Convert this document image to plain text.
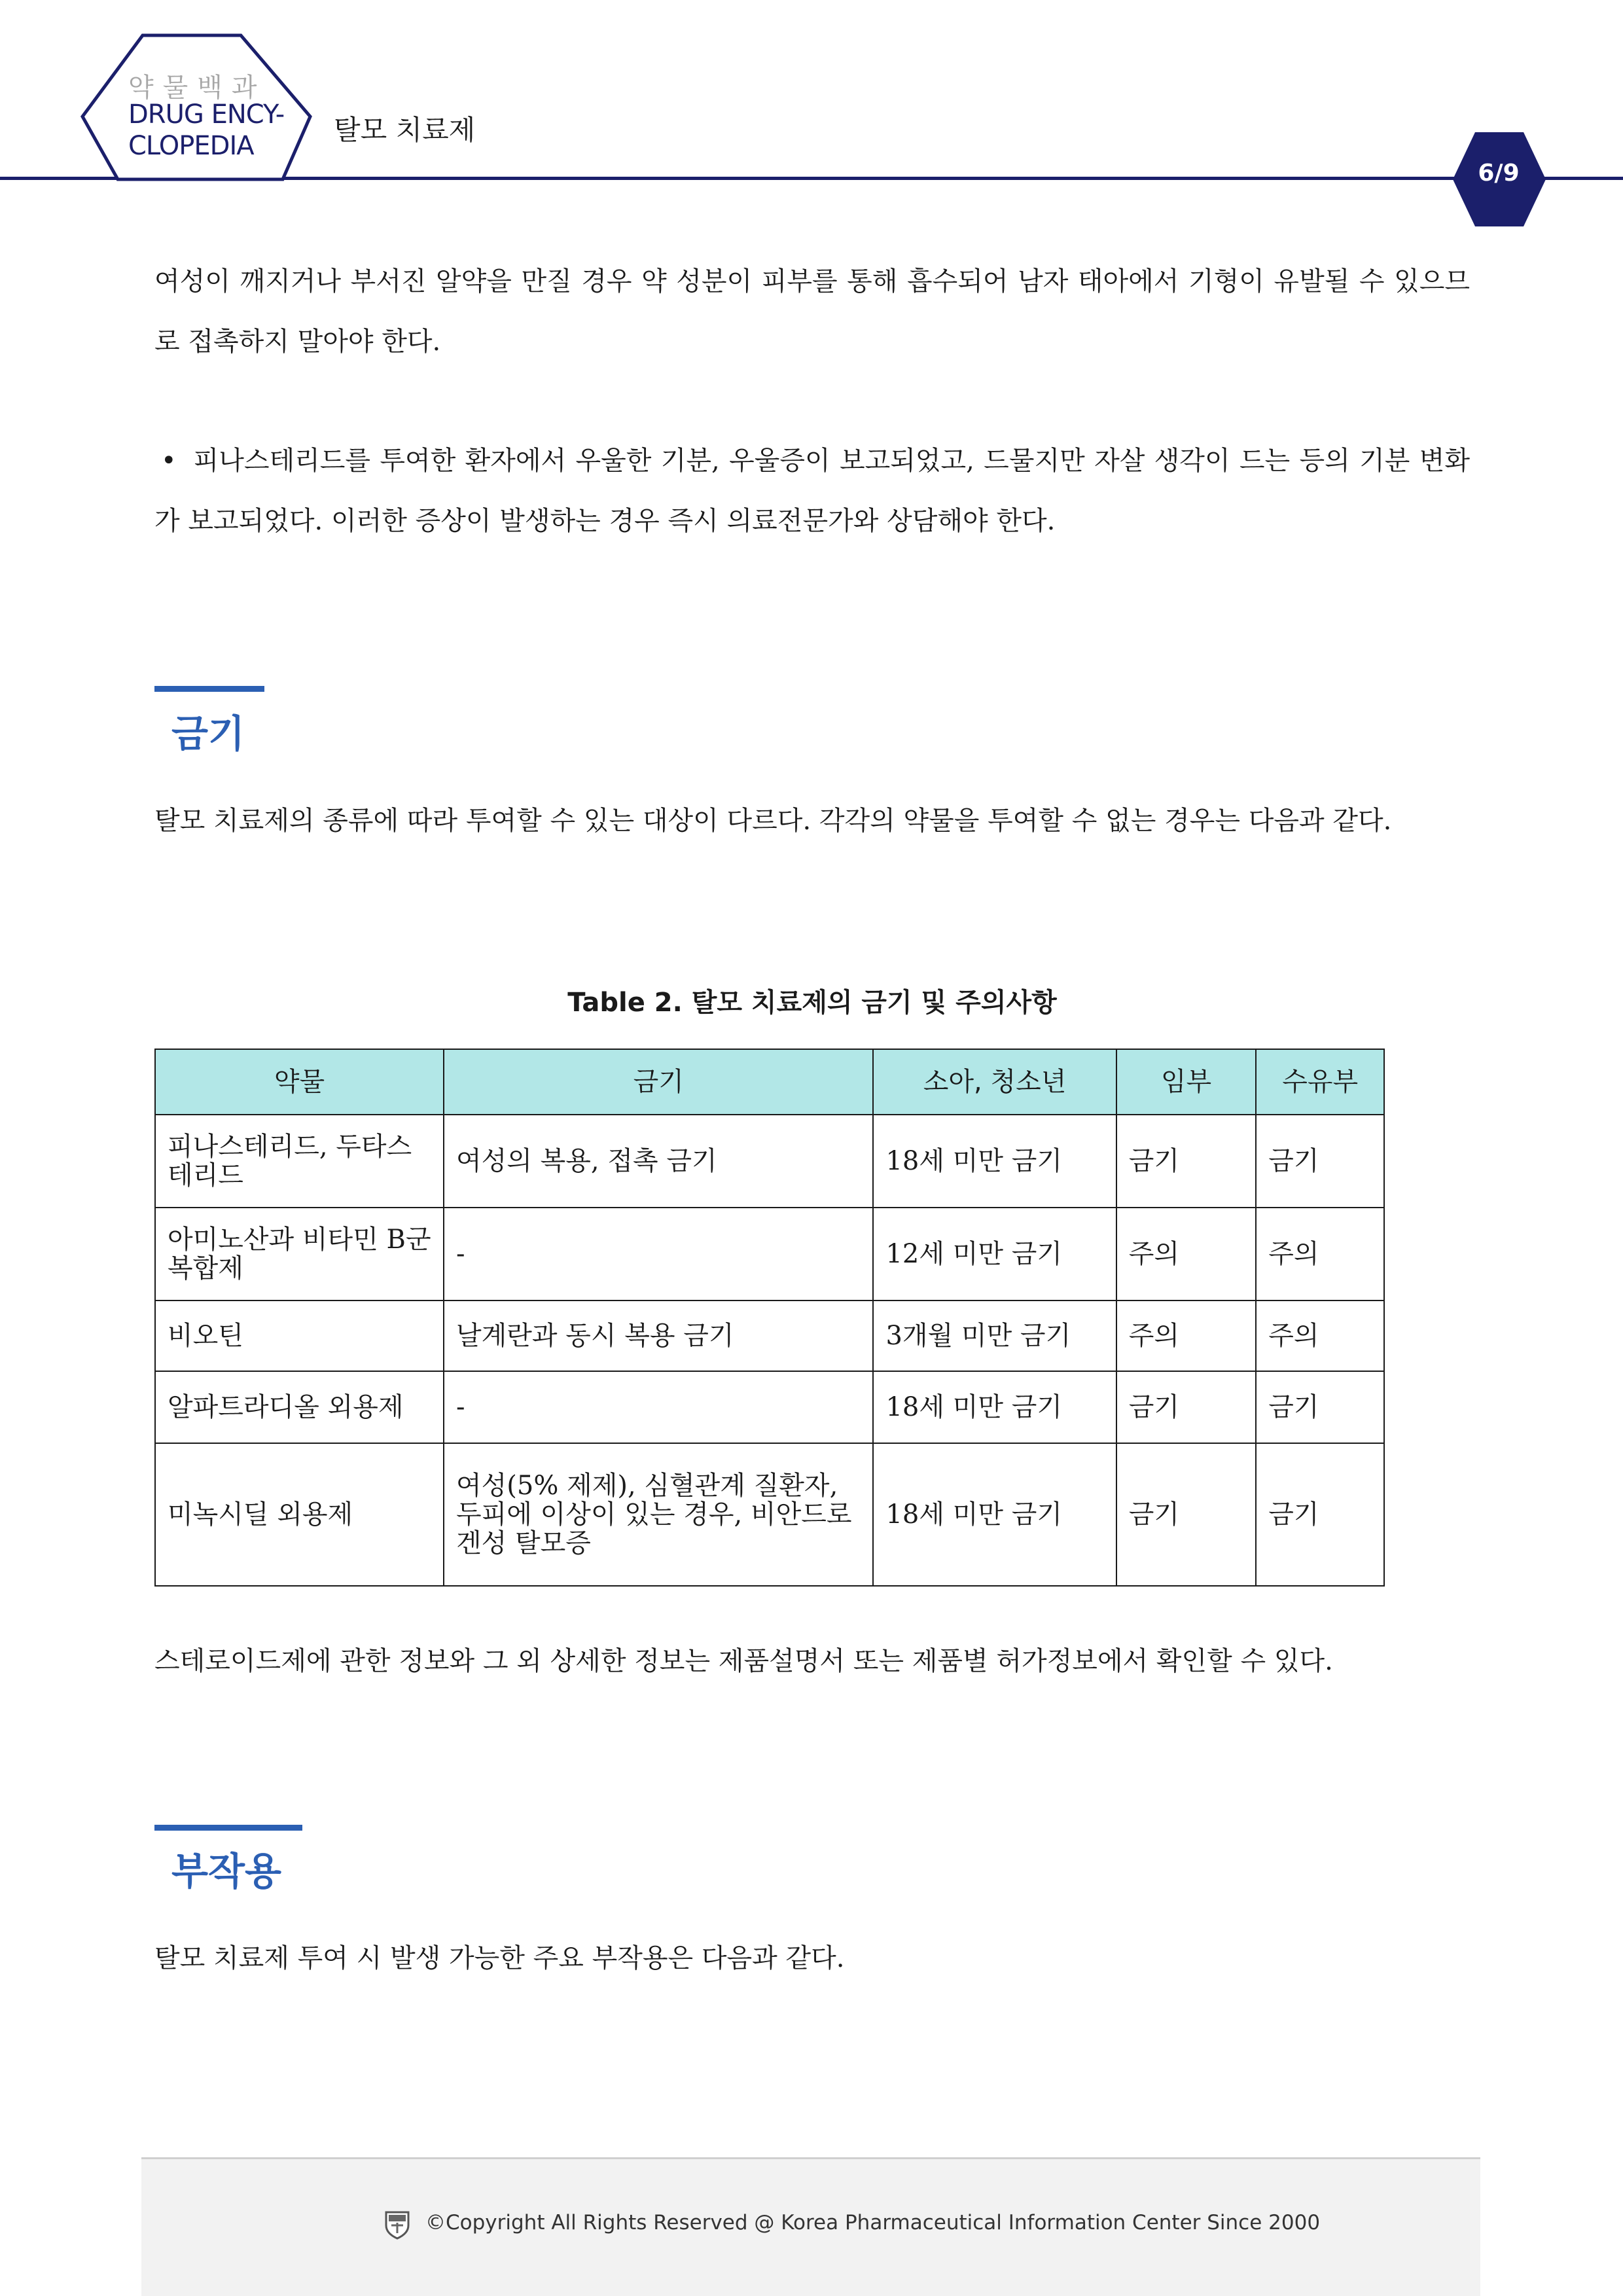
약물백과
DRUG ENCY-
CLOPEDIA	탈모 치료제
6/9
여성이 깨지거나 부서진 알약을 만질 경우 약 성분이 피부를 통해 흡수되어 남자 태아에서 기형이 유발될 수 있으므로 접촉하지 말아야 한다.
• 피나스테리드를 투여한 환자에서 우울한 기분, 우울증이 보고되었고, 드물지만 자살 생각이 드는 등의 기분 변화가 보고되었다. 이러한 증상이 발생하는 경우 즉시 의료전문가와 상담해야 한다.
금기
탈모 치료제의 종류에 따라 투여할 수 있는 대상이 다르다. 각각의 약물을 투여할 수 없는 경우는 다음과 같다.
Table 2. 탈모 치료제의 금기 및 주의사항
약물	금기	소아, 청소년	임부	수유부
피나스테리드, 두타스테리드	여성의 복용, 접촉 금기	18세 미만 금기	금기	금기
아미노산과 비타민 B군 복합제	-	12세 미만 금기	주의	주의
비오틴	날계란과 동시 복용 금기	3개월 미만 금기	주의	주의
알파트라디올 외용제	-	18세 미만 금기	금기	금기
미녹시딜 외용제	여성(5% 제제), 심혈관계 질환자, 두피에 이상이 있는 경우, 비안드로겐성 탈모증	18세 미만 금기	금기	금기
스테로이드제에 관한 정보와 그 외 상세한 정보는 제품설명서 또는 제품별 허가정보에서 확인할 수 있다.
부작용
탈모 치료제 투여 시 발생 가능한 주요 부작용은 다음과 같다.
©Copyright All Rights Reserved @ Korea Pharmaceutical Information Center Since 2000
